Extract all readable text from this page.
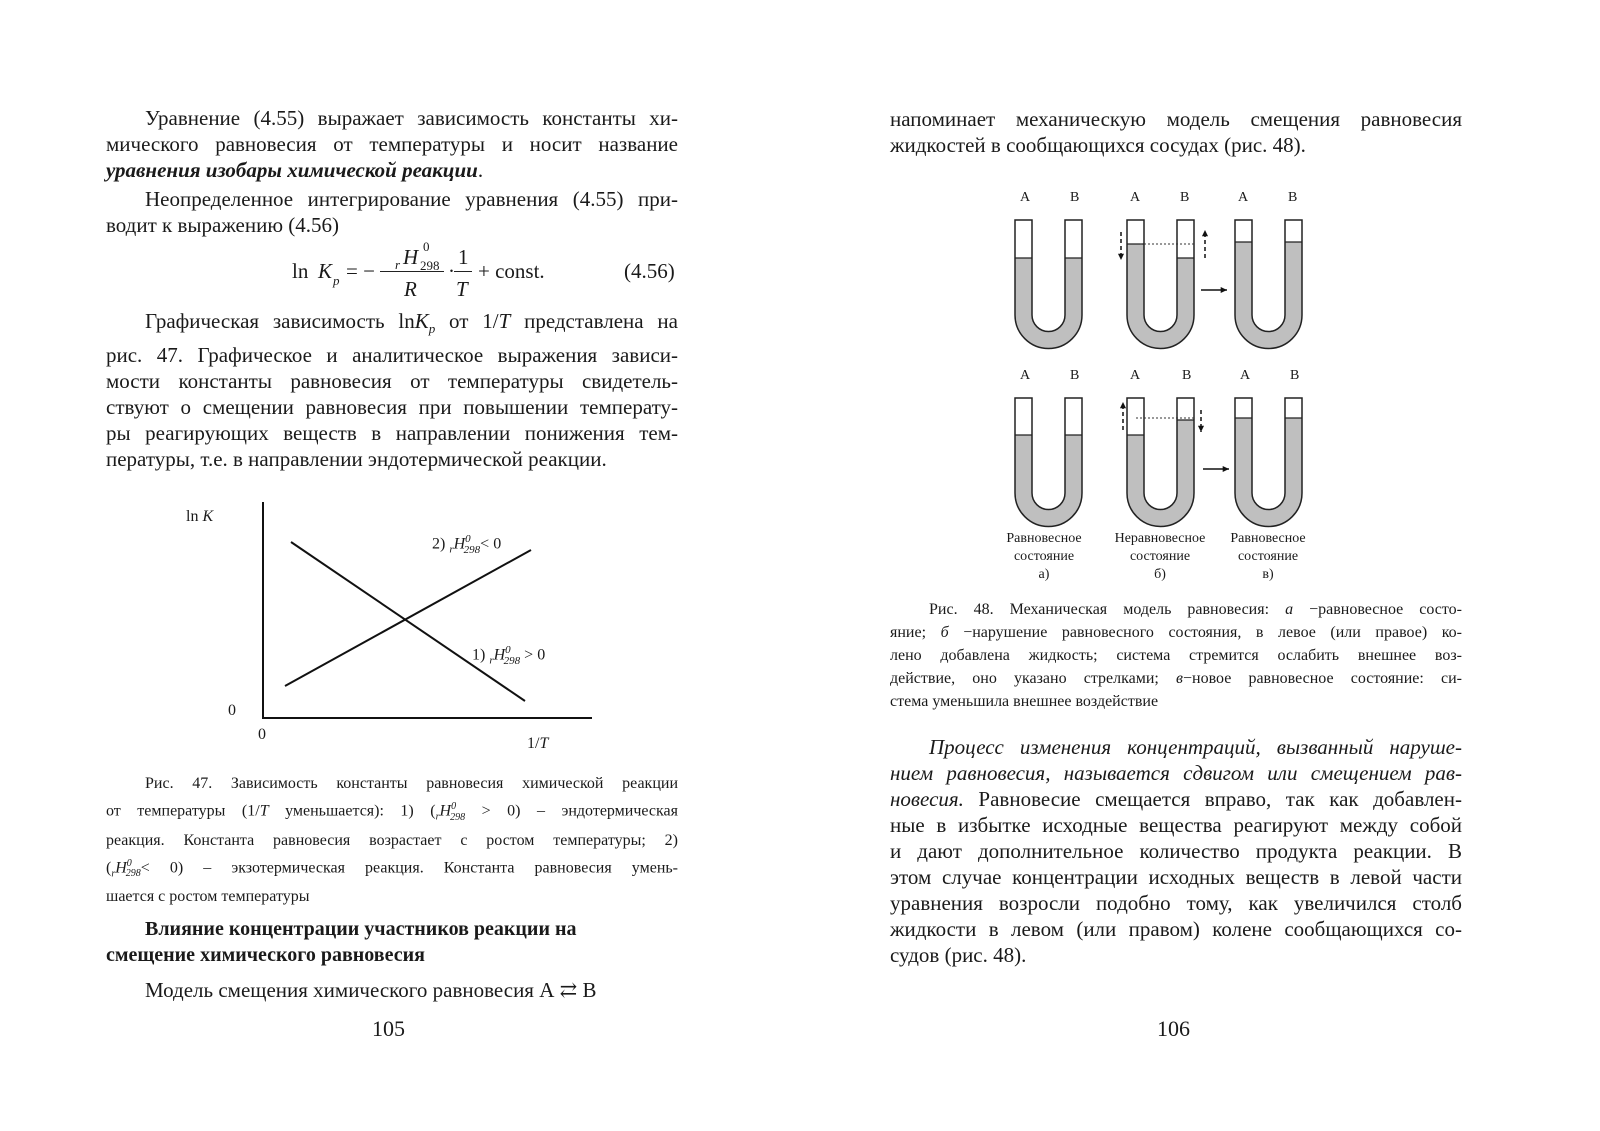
Уравнение (4.55) выражает зависимость константы хи-
мического равновесия от температуры и носит название
уравнения изобары химической реакции.
Неопределенное интегрирование уравнения (4.55) при-
водит к выражению (4.56)
ln K p = − r H 0
298
R
·
1
T
+ const.	(4.56)
Графическая зависимость lnK$_p$ от 1/T представлена на
рис. 47. Графическое и аналитическое выражения зависи-
мости константы равновесия от температуры свидетель-
ствуют о смещении равновесия при повышении температу-
ры реагирующих веществ в направлении понижения тем-
пературы, т.е. в направлении эндотермической реакции.
ln K
0
0
1/T
2) $_rH^0_{298}< 0$
1) $_rH^0_{298} > 0$
Рис. 47. Зависимость константы равновесия химической реакции
от температуры (1/T уменьшается): 1) $(_rH^0_{298} > 0)$ – эндотермическая
реакция. Константа равновесия возрастает с ростом температуры; 2)
$(_rH^0_{298}< 0)$ – экзотермическая реакция. Константа равновесия умень-
шается с ростом температуры
Влияние концентрации участников реакции на
смещение химического равновесия
Модель смещения химического равновесия А ⇄ В
105
напоминает механическую модель смещения равновесия
жидкостей в сообщающихся сосудах (рис. 48).
A	B	A	B	A	B
A	B	A	B	A	B
Равновесное
состояние
а)
Неравновесное
состояние
б)
Равновесное
состояние
в)
Рис. 48. Механическая модель равновесия: а −равновесное состо-
яние; б −нарушение равновесного состояния, в левое (или правое) ко-
лено добавлена жидкость; система стремится ослабить внешнее воз-
действие, оно указано стрелками; в−новое равновесное состояние: си-
стема уменьшила внешнее воздействие
Процесс изменения концентраций, вызванный наруше-
нием равновесия, называется сдвигом или смещением рав-
новесия. Равновесие смещается вправо, так как добавлен-
ные в избытке исходные вещества реагируют между собой
и дают дополнительное количество продукта реакции. В
этом случае концентрации исходных веществ в левой части
уравнения возросли подобно тому, как увеличился столб
жидкости в левом (или правом) колене сообщающихся со-
судов (рис. 48).
106
